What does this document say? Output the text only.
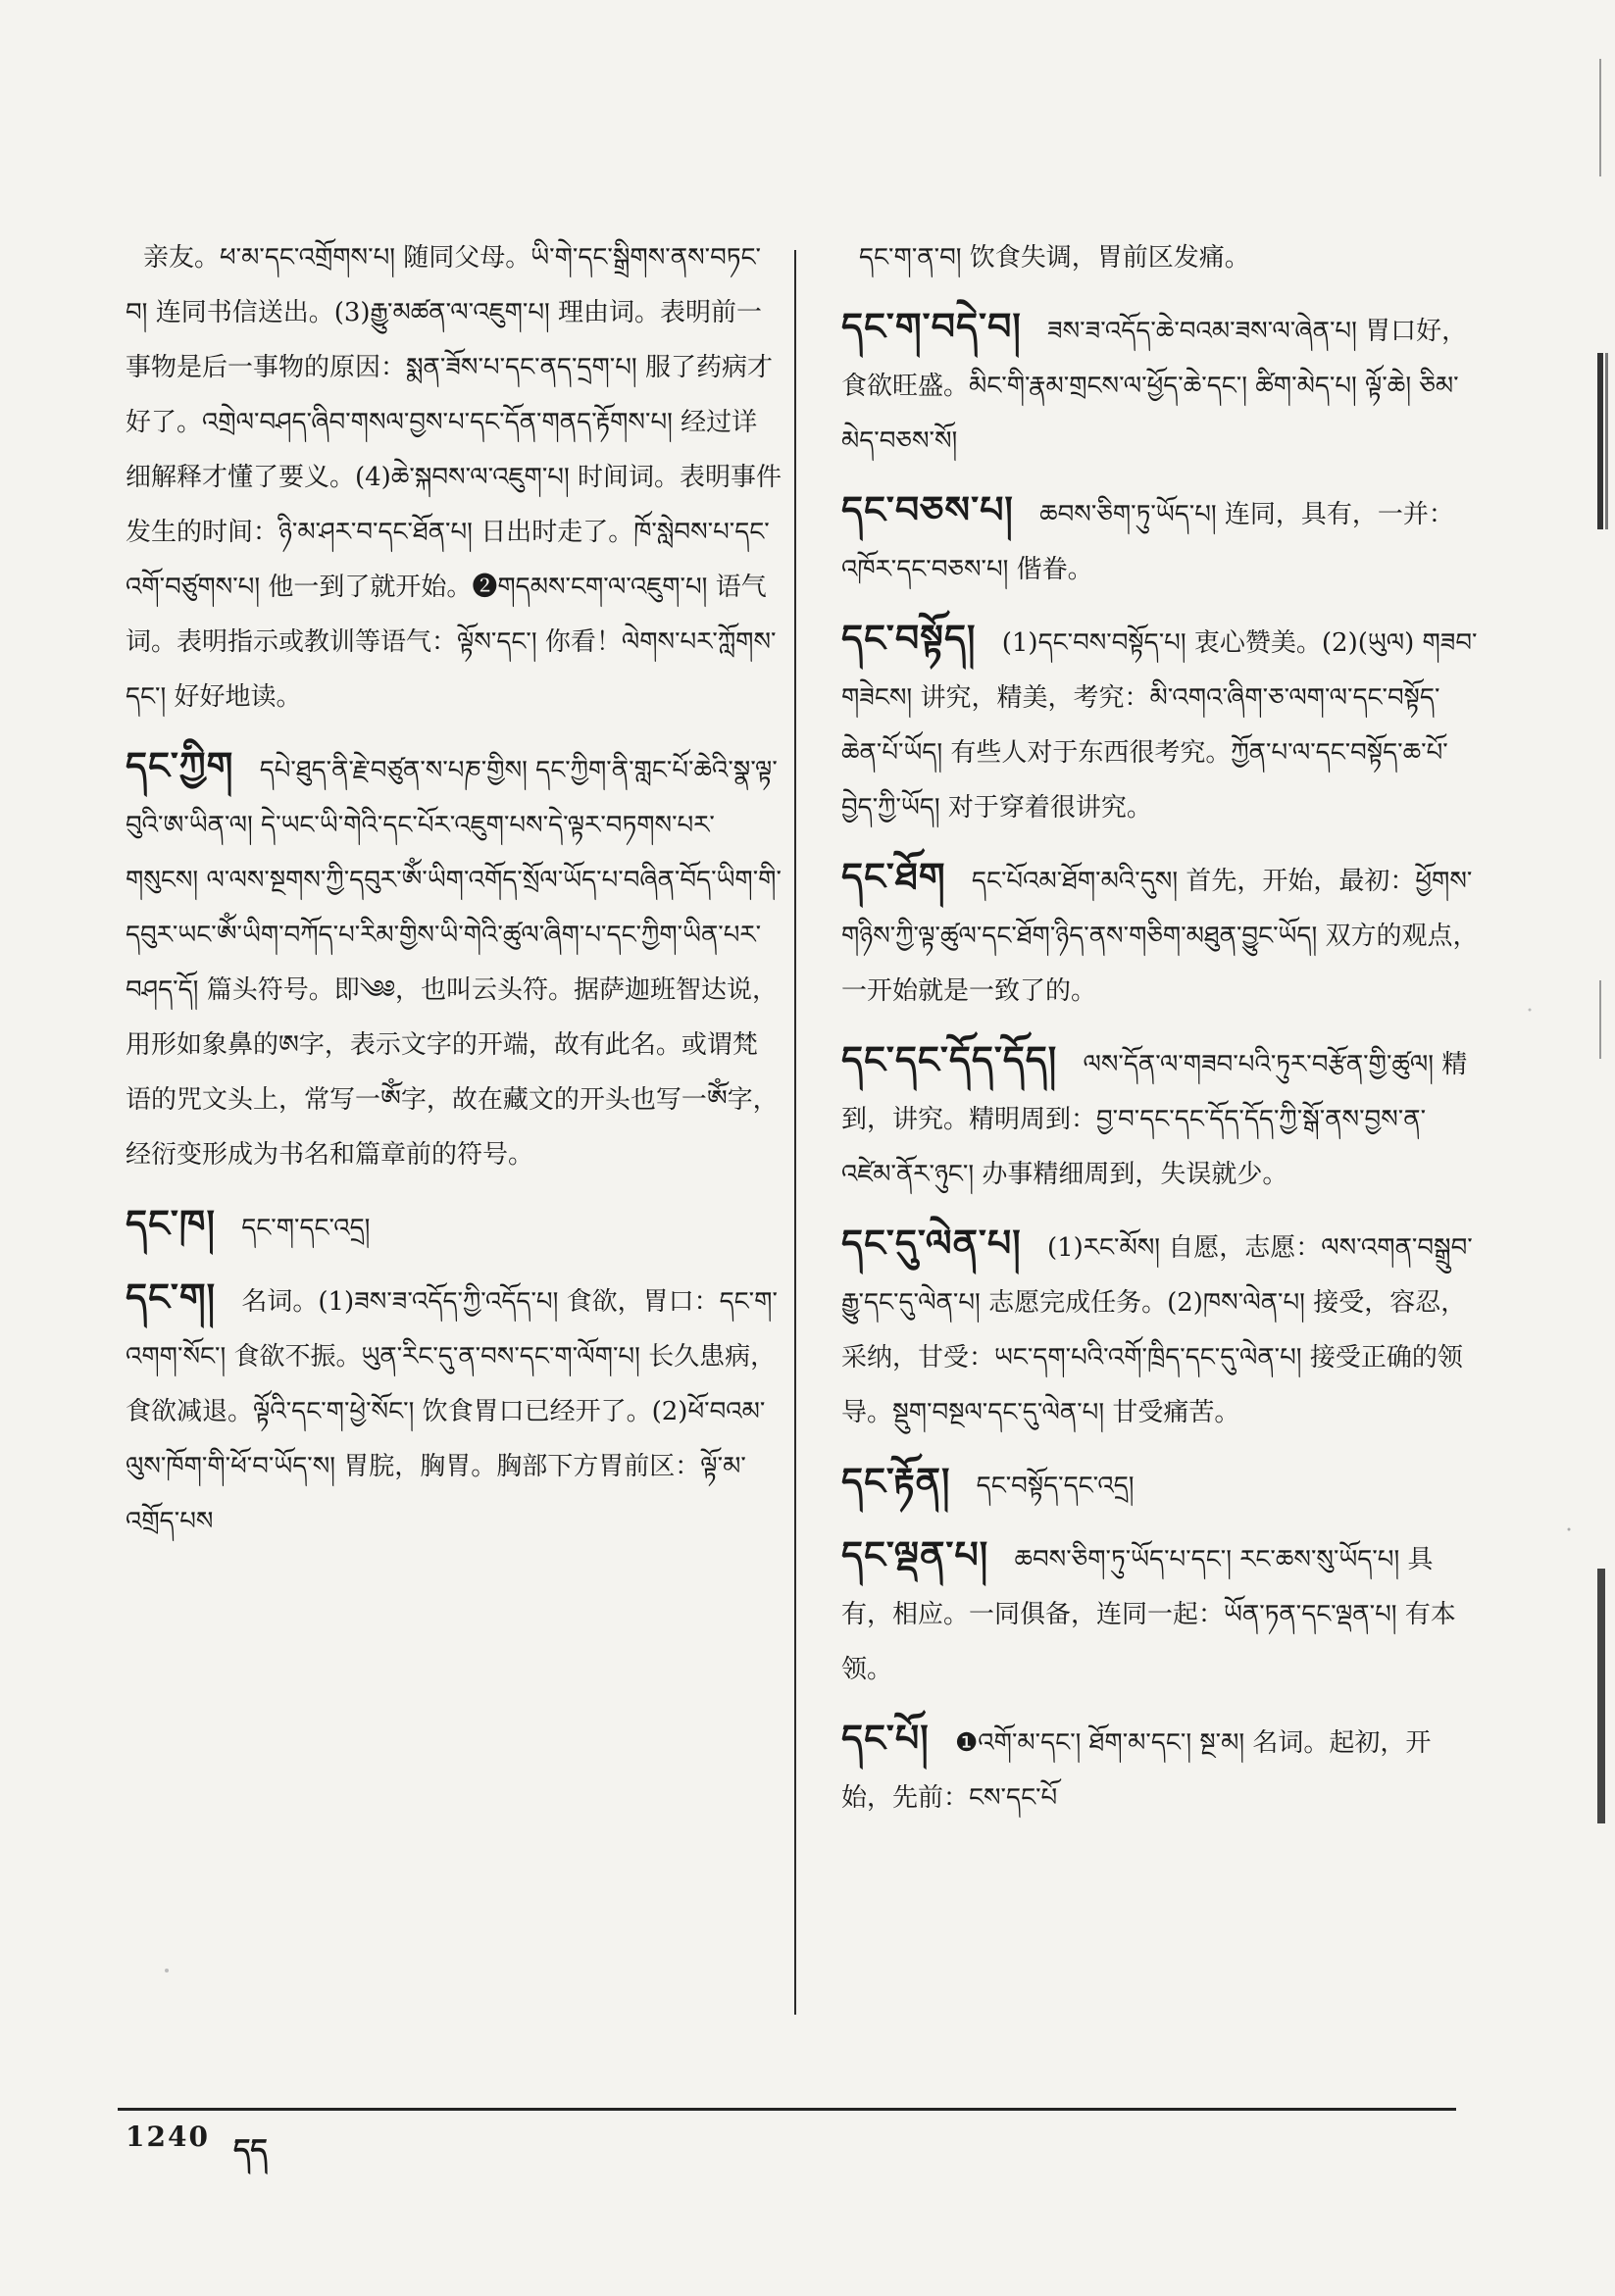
亲友。ཕ་མ་དང་འགྲོགས་པ། 随同父母。ཡི་གེ་དང་སྒྲིགས་ནས་བཏང་བ། 连同书信送出。(3)རྒྱུ་མཚན་ལ་འཇུག་པ། 理由词。表明前一事物是后一事物的原因：སྨན་ཟོས་པ་དང་ནད་དྲག་པ། 服了药病才好了。འགྲེལ་བཤད་ཞིབ་གསལ་བྱས་པ་དང་དོན་གནད་རྟོགས་པ། 经过详细解释才懂了要义。(4)ཆེ་སྐབས་ལ་འཇུག་པ། 时间词。表明事件发生的时间：ཉི་མ་ཤར་བ་དང་ཐོན་པ། 日出时走了。ཁོ་སླེབས་པ་དང་འགོ་བཙུགས་པ། 他一到了就开始。❷གདམས་ངག་ལ་འཇུག་པ། 语气词。表明指示或教训等语气：ལྟོས་དང་། 你看！ལེགས་པར་ཀློགས་དང་། 好好地读。
དང་ཀྱིག དཔེ་ཐུད་ནི་རྗེ་བཙུན་ས་པཎ་གྱིས། དང་ཀྱིག་ནི་གླང་པོ་ཆེའི་སྣ་ལྟ་བུའི་ཨ་ཡིན་ལ། དེ་ཡང་ཡི་གེའི་དང་པོར་འཇུག་པས་དེ་ལྟར་བཏགས་པར་གསུངས། ལ་ལས་སྔགས་ཀྱི་དབུར་ཨོཾ་ཡིག་འགོད་སྲོལ་ཡོད་པ་བཞིན་བོད་ཡིག་གི་དབུར་ཡང་ཨོཾ་ཡིག་བཀོད་པ་རིམ་གྱིས་ཡི་གེའི་ཚུལ་ཞིག་པ་དང་ཀྱིག་ཡིན་པར་བཤད་དོ། 篇头符号。即༄༅，也叫云头符。据萨迦班智达说，用形如象鼻的ཨ字，表示文字的开端，故有此名。或谓梵语的咒文头上，常写一ཨོཾ字，故在藏文的开头也写一ཨོཾ字，经衍变形成为书名和篇章前的符号。
དང་ཁ། དང་ག་དང་འདྲ།
དང་ག། 名词。(1)ཟས་ཟ་འདོད་ཀྱི་འདོད་པ། 食欲，胃口：དང་ག་འགག་སོང་། 食欲不振。ཡུན་རིང་དུ་ན་བས་དང་ག་ལོག་པ། 长久患病，食欲减退。ལྟོའི་དང་ག་ཕྱེ་སོང་། 饮食胃口已经开了。(2)ཕོ་བའམ་ལུས་ཁོག་གི་ཕོ་བ་ཡོད་ས། 胃脘，胸胃。胸部下方胃前区：ལྟོ་མ་འགྲོད་པས
དང་ག་ན་བ། 饮食失调，胃前区发痛。
དང་ག་བདེ་བ། ཟས་ཟ་འདོད་ཆེ་བའམ་ཟས་ལ་ཞེན་པ། 胃口好，食欲旺盛。མིང་གི་རྣམ་གྲངས་ལ་ཕྱོད་ཆེ་དང་། ཚིག་མེད་པ། ལྟོ་ཆེ། ཅིམ་མེད་བཅས་སོ།
དང་བཅས་པ། ཆབས་ཅིག་ཏུ་ཡོད་པ། 连同，具有，一并：འཁོར་དང་བཅས་པ། 偕眷。
དང་བསྟོད། (1)དང་བས་བསྟོད་པ། 衷心赞美。(2)(ཡུལ) གཟབ་གཟེངས། 讲究，精美，考究：མི་འགའ་ཞིག་ཅ་ལག་ལ་དང་བསྟོད་ཆེན་པོ་ཡོད། 有些人对于东西很考究。ཀྱོན་པ་ལ་དང་བསྟོད་ཆ་པོ་བྱེད་ཀྱི་ཡོད། 对于穿着很讲究。
དང་ཐོག དང་པོའམ་ཐོག་མའི་དུས། 首先，开始，最初：ཕྱོགས་གཉིས་ཀྱི་ལྟ་ཚུལ་དང་ཐོག་ཉིད་ནས་གཅིག་མཐུན་བྱུང་ཡོད། 双方的观点，一开始就是一致了的。
དང་དང་དོད་དོད། ལས་དོན་ལ་གཟབ་པའི་ཏུར་བརྩོན་གྱི་ཚུལ། 精到，讲究。精明周到：བྱ་བ་དང་དང་དོད་དོད་ཀྱི་སྒོ་ནས་བྱས་ན་འཛེམ་ནོར་ཉུང་། 办事精细周到，失误就少。
དང་དུ་ལེན་པ། (1)རང་མོས། 自愿，志愿：ལས་འགན་བསྒྲུབ་རྒྱུ་དང་དུ་ལེན་པ། 志愿完成任务。(2)ཁས་ལེན་པ། 接受，容忍，采纳，甘受：ཡང་དག་པའི་འགོ་ཁྲིད་དང་དུ་ལེན་པ། 接受正确的领导。སྡུག་བསྔལ་དང་དུ་ལེན་པ། 甘受痛苦。
དང་རྟོན། དང་བསྟོད་དང་འདྲ།
དང་ལྡན་པ། ཆབས་ཅིག་ཏུ་ཡོད་པ་དང་། རང་ཆས་སུ་ཡོད་པ། 具有，相应。一同俱备，连同一起：ཡོན་ཏན་དང་ལྡན་པ། 有本领。
དང་པོ། ❶འགོ་མ་དང་། ཐོག་མ་དང་། སྔ་མ། 名词。起初，开始，先前：ངས་དང་པོ
1240 དད
